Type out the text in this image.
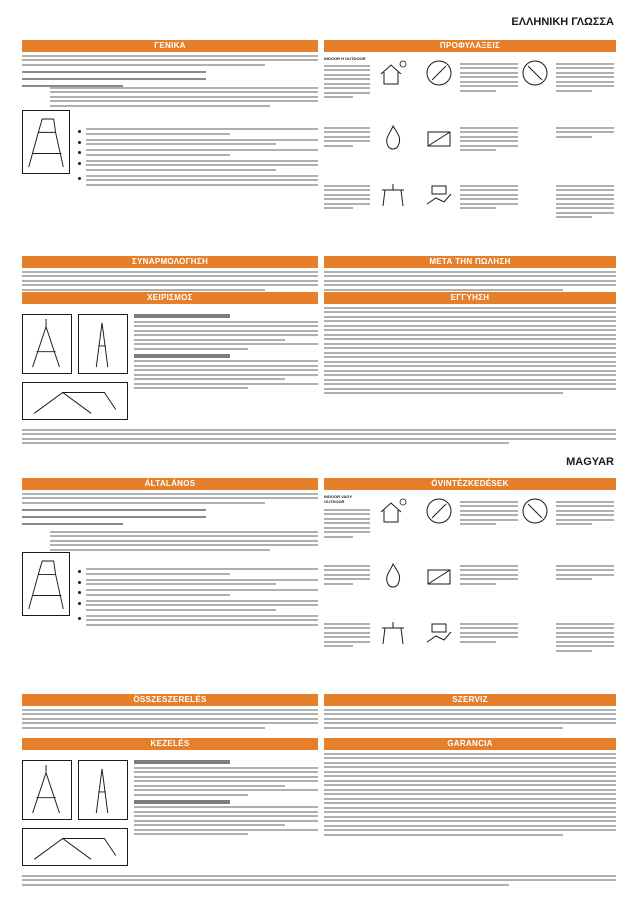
ΕΛΛΗΝΙΚΗ ΓΛΩΣΣΑ
ΓΕΝΙΚΑ	ΠΡΟΦΥΛΑΞΕΙΣ
INDOOR Η OUTDOOR
ΣΥΝΑΡΜΟΛΟΓΗΣΗ	ΜΕΤΑ ΤΗΝ ΠΩΛΗΣΗ
ΧΕΙΡΙΣΜΟΣ	ΕΓΓΥΗΣΗ
MAGYAR
ÁLTALÁNOS	ÓVINTÉZKEDÉSEK
INDOOR VAGY OUTDOOR
ÖSSZESZERELÉS	SZERVIZ
KEZELÉS	GARANCIA
